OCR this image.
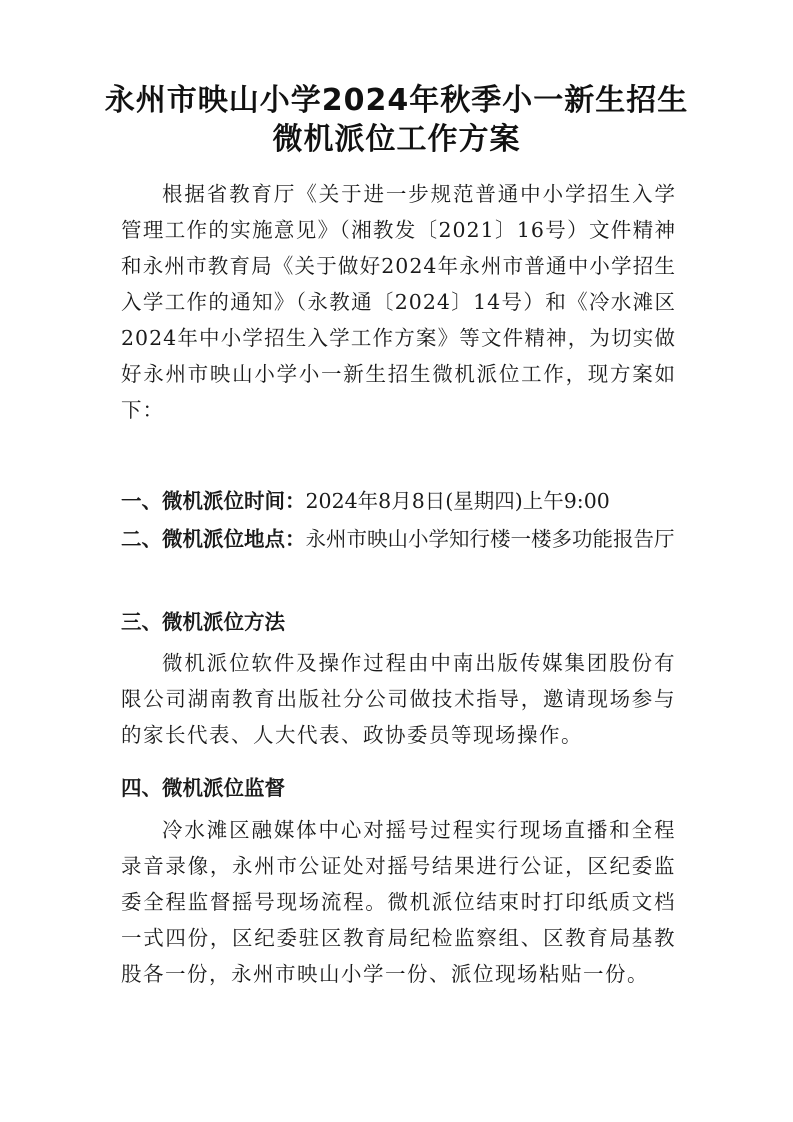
永州市映山小学2024年秋季小一新生招生
微机派位工作方案
根据省教育厅《关于进一步规范普通中小学招生入学管理工作的实施意见》（湘教发〔2021〕16号）文件精神和永州市教育局《关于做好2024年永州市普通中小学招生入学工作的通知》（永教通〔2024〕14号）和《冷水滩区2024年中小学招生入学工作方案》等文件精神，为切实做好永州市映山小学小一新生招生微机派位工作，现方案如下：
一、微机派位时间：2024年8月8日(星期四)上午9:00
二、微机派位地点：永州市映山小学知行楼一楼多功能报告厅
三、微机派位方法
微机派位软件及操作过程由中南出版传媒集团股份有限公司湖南教育出版社分公司做技术指导，邀请现场参与的家长代表、人大代表、政协委员等现场操作。
四、微机派位监督
冷水滩区融媒体中心对摇号过程实行现场直播和全程录音录像，永州市公证处对摇号结果进行公证，区纪委监委全程监督摇号现场流程。微机派位结束时打印纸质文档一式四份，区纪委驻区教育局纪检监察组、区教育局基教股各一份，永州市映山小学一份、派位现场粘贴一份。
